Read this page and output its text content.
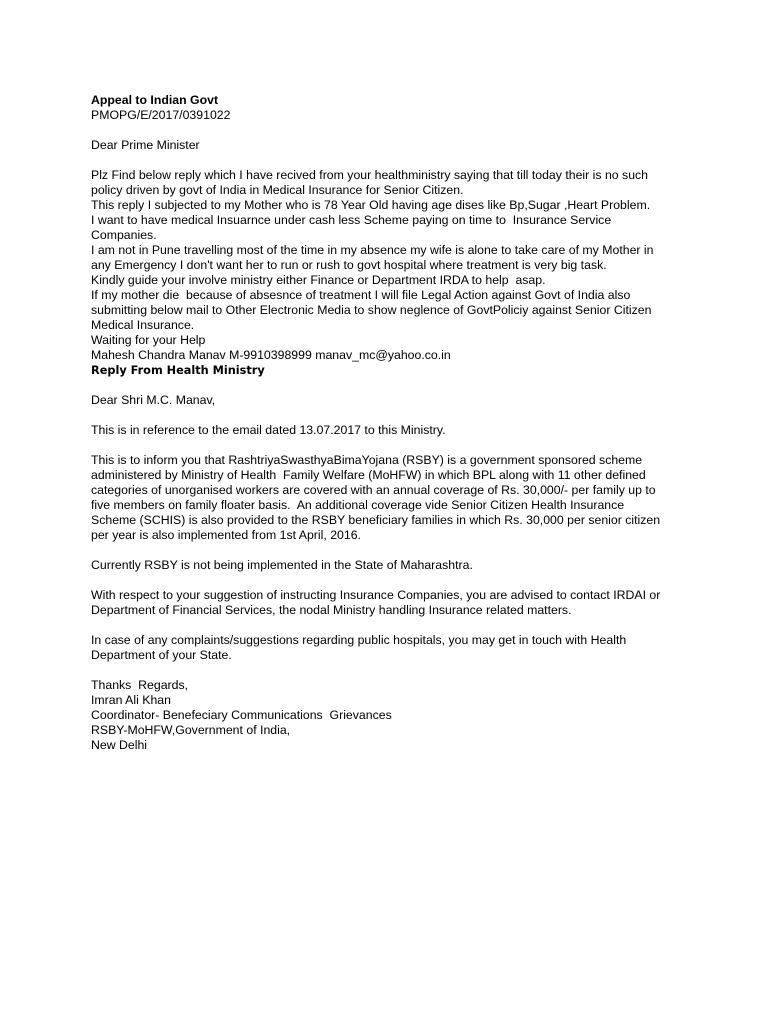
Appeal to Indian Govt
PMOPG/E/2017/0391022
Dear Prime Minister
Plz Find below reply which I have recived from your healthministry saying that till today their is no such
policy driven by govt of India in Medical Insurance for Senior Citizen.
This reply I subjected to my Mother who is 78 Year Old having age dises like Bp,Sugar ,Heart Problem.
I want to have medical Insuarnce under cash less Scheme paying on time to  Insurance Service
Companies.
I am not in Pune travelling most of the time in my absence my wife is alone to take care of my Mother in
any Emergency I don't want her to run or rush to govt hospital where treatment is very big task.
Kindly guide your involve ministry either Finance or Department IRDA to help  asap.
If my mother die  because of absesnce of treatment I will file Legal Action against Govt of India also
submitting below mail to Other Electronic Media to show neglence of GovtPoliciy against Senior Citizen
Medical Insurance.
Waiting for your Help
Mahesh Chandra Manav M-9910398999 manav_mc@yahoo.co.in
Reply From Health Ministry
Dear Shri M.C. Manav,
This is in reference to the email dated 13.07.2017 to this Ministry.
This is to inform you that RashtriyaSwasthyaBimaYojana (RSBY) is a government sponsored scheme
administered by Ministry of Health  Family Welfare (MoHFW) in which BPL along with 11 other defined
categories of unorganised workers are covered with an annual coverage of Rs. 30,000/- per family up to
five members on family floater basis.  An additional coverage vide Senior Citizen Health Insurance
Scheme (SCHIS) is also provided to the RSBY beneficiary families in which Rs. 30,000 per senior citizen
per year is also implemented from 1st April, 2016.
Currently RSBY is not being implemented in the State of Maharashtra.
With respect to your suggestion of instructing Insurance Companies, you are advised to contact IRDAI or
Department of Financial Services, the nodal Ministry handling Insurance related matters.
In case of any complaints/suggestions regarding public hospitals, you may get in touch with Health
Department of your State.
Thanks  Regards,
Imran Ali Khan
Coordinator- Benefeciary Communications  Grievances
RSBY-MoHFW,Government of India,
New Delhi
